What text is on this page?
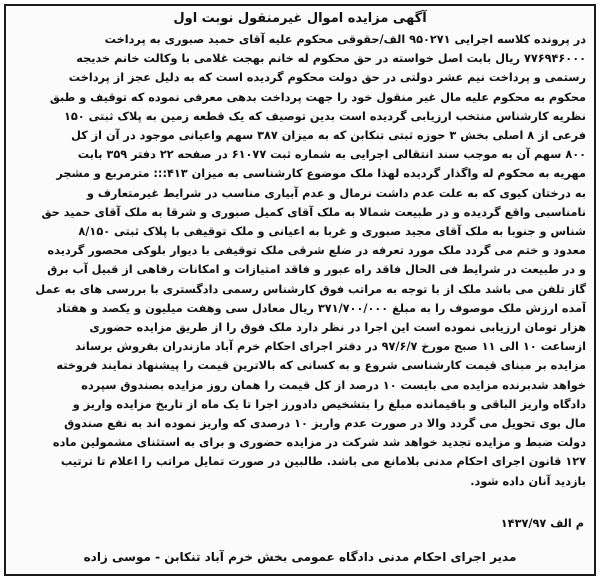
آگهی مزایده اموال غیرمنقول نوبت اول
در پرونده کلاسه اجرایی ۹۵۰۲۷۱ الف/حقوقی محکوم علیه آقای حمید صبوری به پرداخت
۷۷۶۹۴۶۰۰۰ ریال بابت اصل خواسته در حق محکوم له خانم بهجت غلامی با وکالت خانم خدیجه
رستمی و پرداخت نیم عشر دولتی در حق دولت محکوم گردیده است که به دلیل عجز از پرداخت
محکوم به محکوم علیه مال غیر منقول خود را جهت پرداخت بدهی معرفی نموده که توقیف و طبق
نظریه کارشناس منتخب ارزیابی گردیده است بدین توصیف که یک قطعه زمین به پلاک ثبتی ۱۵۰
فرعی از ۸ اصلی بخش ۳ حوزه ثبتی تنکابن که به میزان ۳۸۷ سهم واعیانی موجود در آن از کل
۸۰۰ سهم آن به موجب سند انتقالی اجرایی به شماره ثبت ۶۱۰۷۷ در صفحه ۲۲ دفتر ۳۵۹ بابت
مهریه به محکوم له واگذار گردیده لهذا ملک موضوع کارشناسی به میزان ۴۱۳::: مترمربع و مشجر
به درختان کیوی که به علت عدم داشت نرمال و عدم آبیاری مناسب در شرایط غیرمتعارف و
نامناسبی واقع گردیده و در طبیعت شمالا به ملک آقای کمیل صبوری و شرقا به ملک آقای حمید حق
شناس و جنوبا به ملک آقای مجید صبوری و غربا به اعیانی و ملک توقیفی با پلاک ثبتی ۸/۱۵۰
معدود و ختم می گردد ملک مورد تعرفه در ضلع شرقی ملک توقیفی با دیوار بلوکی محصور گردیده
و در طبیعت در شرایط فی الحال فاقد راه عبور و فاقد امتیازات و امکانات رفاهی از قبیل آب برق
گاز تلفن می باشد ملک از با توجه به مراتب فوق کارشناس رسمی دادگستری با بررسی های به عمل
آمده ارزش ملک موصوف را به مبلغ ۳۷۱/۷۰۰/۰۰۰ ریال معادل سی وهفت میلیون و یکصد و هفتاد
هزار تومان ارزیابی نموده است این اجرا در نظر دارد ملک فوق را از طریق مزایده حضوری
ازساعت ۱۰ الی ۱۱ صبح مورخ ۹۷/۶/۷ در دفتر اجرای احکام خرم آباد مازندران بفروش برساند
مزایده بر مبنای قیمت کارشناسی شروع و به کسانی که بالاترین قیمت را پیشنهاد نمایند فروخته
خواهد شدبرنده مزایده می بایست ۱۰ درصد از کل قیمت را همان روز مزایده بصندوق سپرده
دادگاه واریز الباقی و باقیمانده مبلغ را بتشخیص دادورز اجرا تا یک ماه از تاریخ مزایده واریز و
مال بوی تحویل می گردد والا در صورت عدم واریز ۱۰ درصدی که واریز نموده اند به نفع صندوق
دولت ضبط و مزایده تجدید خواهد شد شرکت در مزایده حضوری و برای به استثنای مشمولین ماده
۱۲۷ قانون اجرای احکام مدنی بلامانع می باشد. طالبین در صورت تمایل مراتب را اعلام تا ترتیب
بازدید آنان داده شود.
م الف ۱۴۳۷/۹۷
مدیر اجرای احکام مدنی دادگاه عمومی بخش خرم آباد تنکابن - موسی زاده
